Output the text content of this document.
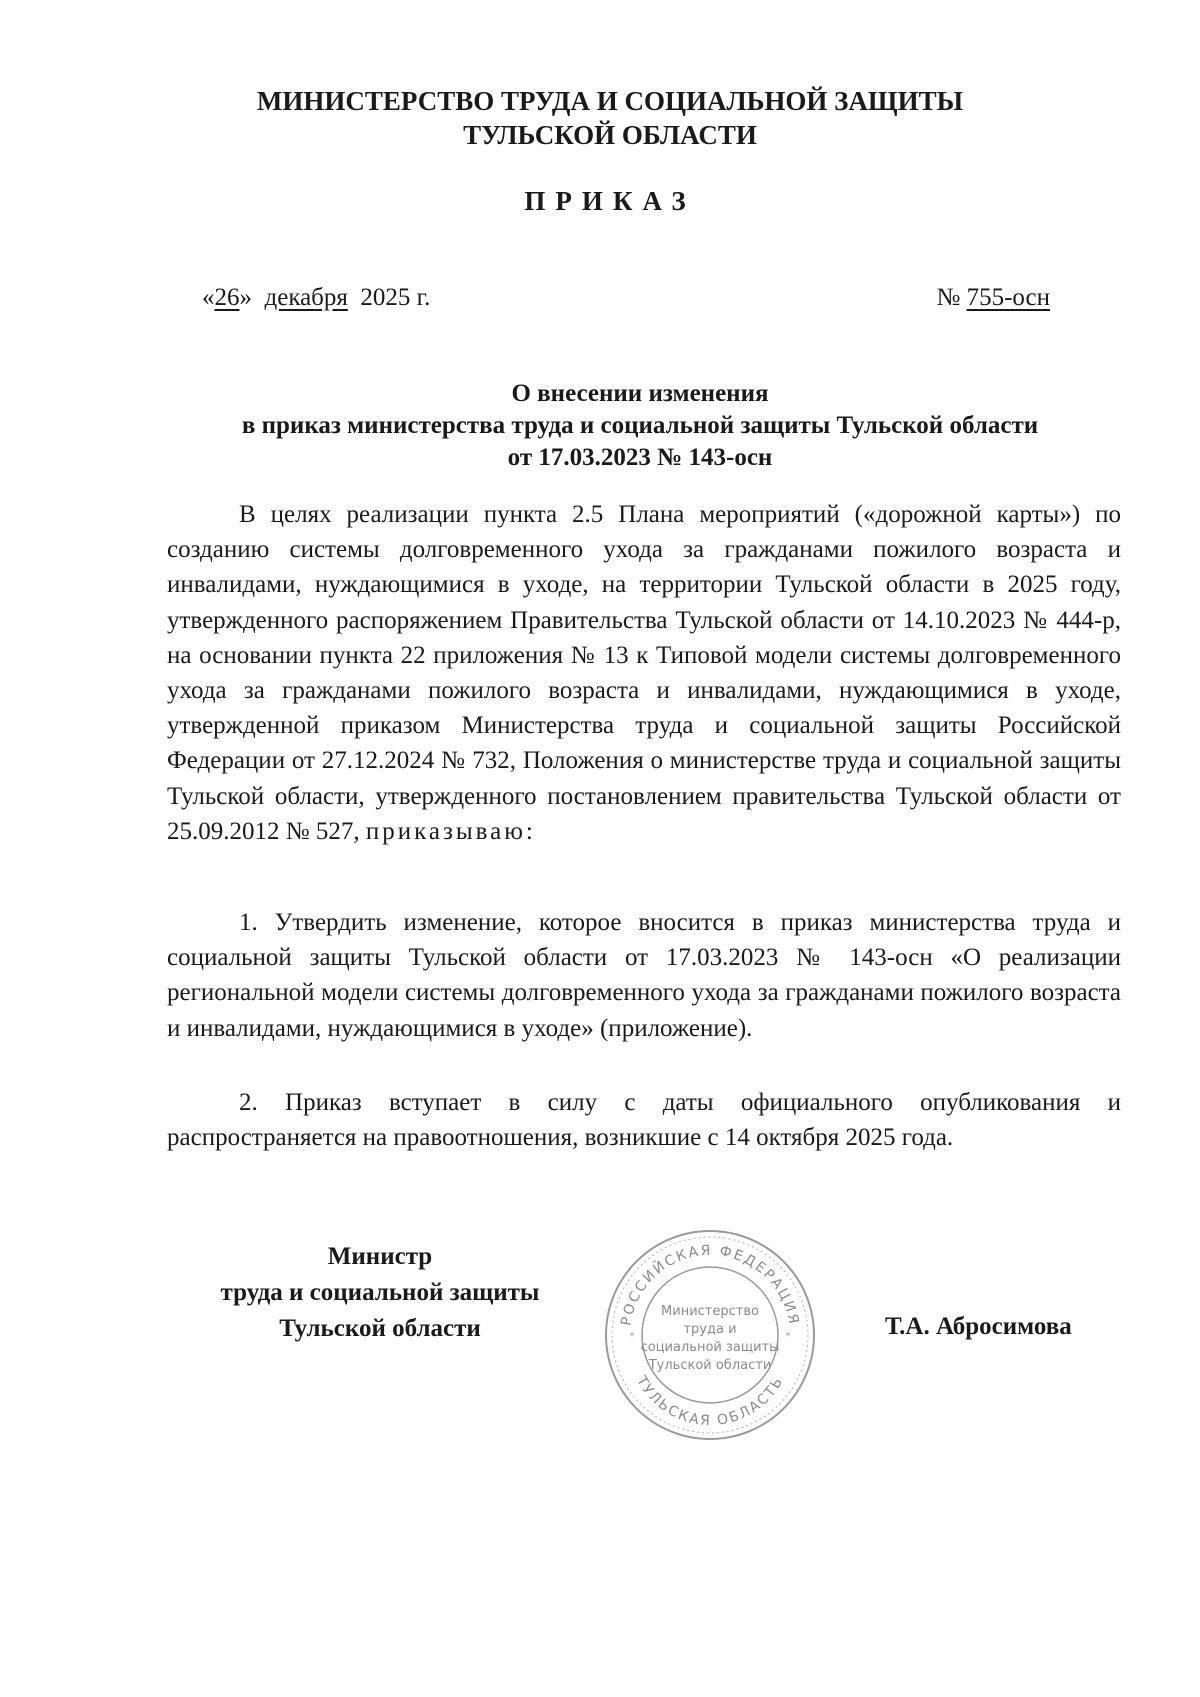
МИНИСТЕРСТВО ТРУДА И СОЦИАЛЬНОЙ ЗАЩИТЫ
ТУЛЬСКОЙ ОБЛАСТИ
ПРИКАЗ
«26» декабря 2025 г.	№ 755-осн
О внесении изменения
в приказ министерства труда и социальной защиты Тульской области
от 17.03.2023 № 143-осн

В целях реализации пункта 2.5 Плана мероприятий («дорожной карты») по созданию системы долговременного ухода за гражданами пожилого возраста и инвалидами, нуждающимися в уходе, на территории Тульской области в 2025 году, утвержденного распоряжением Правительства Тульской области от 14.10.2023 № 444-р, на основании пункта 22 приложения № 13 к Типовой модели системы долговременного ухода за гражданами пожилого возраста и инвалидами, нуждающимися в уходе, утвержденной приказом Министерства труда и социальной защиты Российской Федерации от 27.12.2024 № 732, Положения о министерстве труда и социальной защиты Тульской области, утвержденного постановлением правительства Тульской области от 25.09.2012 № 527, приказываю:

1. Утвердить изменение, которое вносится в приказ министерства труда и социальной защиты Тульской области от 17.03.2023 № 143-осн «О реализации региональной модели системы долговременного ухода за гражданами пожилого возраста и инвалидами, нуждающимися в уходе» (приложение).

2. Приказ вступает в силу с даты официального опубликования и распространяется на правоотношения, возникшие с 14 октября 2025 года.

Министр
труда и социальной защиты
Тульской области	Т.А. Абросимова
РОССИЙСКАЯ ФЕДЕРАЦИЯ
ТУЛЬСКАЯ ОБЛАСТЬ
Министерство
труда и
социальной защиты
Тульской области
*	*
